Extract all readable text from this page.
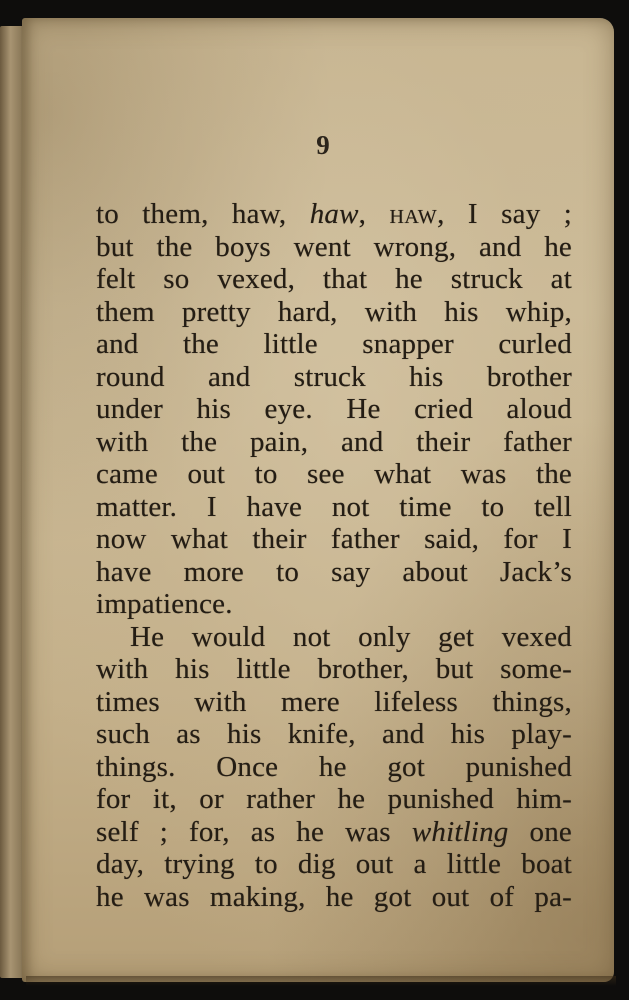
9
to them, haw, haw, haw, I say ;
but the boys went wrong, and he
felt so vexed, that he struck at
them pretty hard, with his whip,
and the little snapper curled
round and struck his brother
under his eye. He cried aloud
with the pain, and their father
came out to see what was the
matter. I have not time to tell
now what their father said, for I
have more to say about Jack’s
impatience.
He would not only get vexed
with his little brother, but some-
times with mere lifeless things,
such as his knife, and his play-
things. Once he got punished
for it, or rather he punished him-
self ; for, as he was whitling one
day, trying to dig out a little boat
he was making, he got out of pa-
